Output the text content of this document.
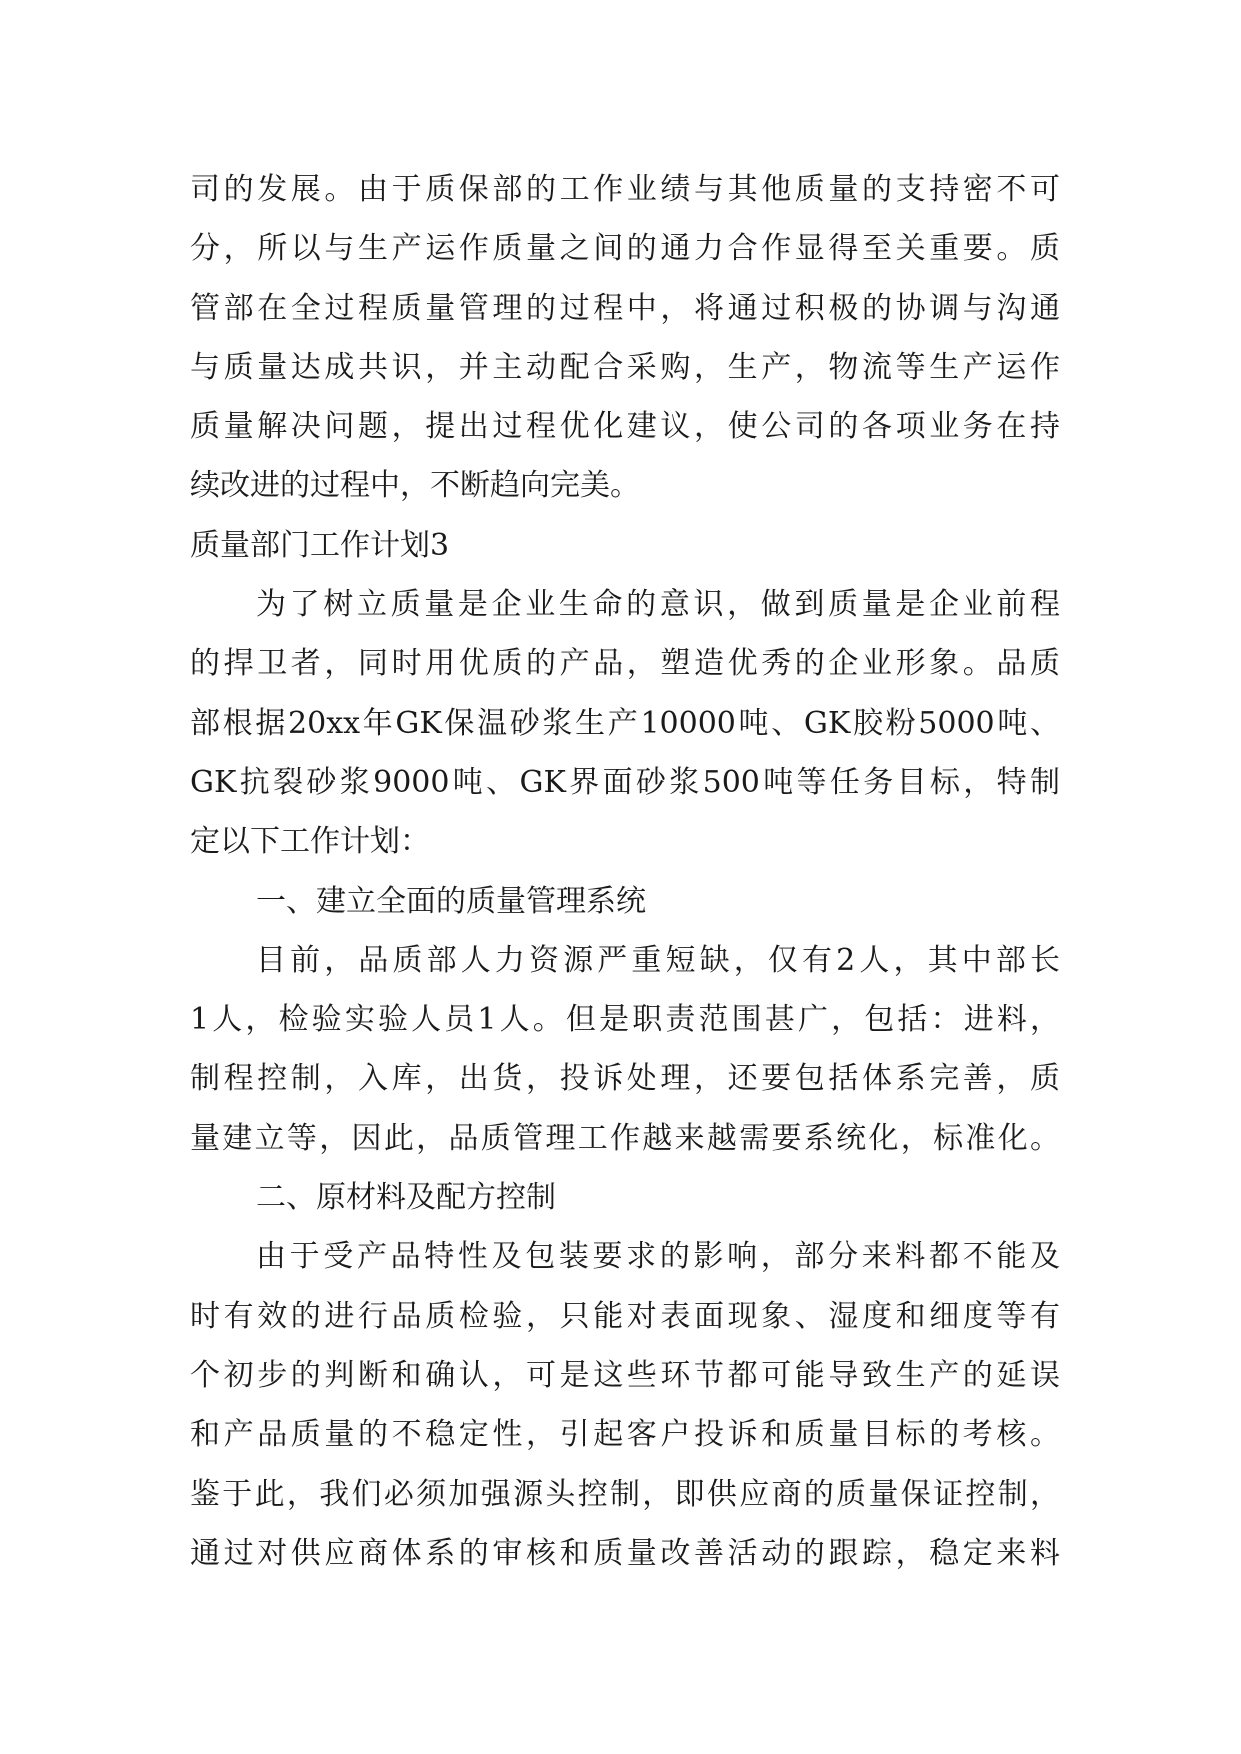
司的发展。由于质保部的工作业绩与其他质量的支持密不可
分，所以与生产运作质量之间的通力合作显得至关重要。质
管部在全过程质量管理的过程中，将通过积极的协调与沟通
与质量达成共识，并主动配合采购，生产，物流等生产运作
质量解决问题，提出过程优化建议，使公司的各项业务在持
续改进的过程中，不断趋向完美。
质量部门工作计划3
为了树立质量是企业生命的意识，做到质量是企业前程
的捍卫者，同时用优质的产品，塑造优秀的企业形象。品质
部根据20xx年GK保温砂浆生产10000吨、GK胶粉5000吨、
GK抗裂砂浆9000吨、GK界面砂浆500吨等任务目标，特制
定以下工作计划：
一、建立全面的质量管理系统
目前，品质部人力资源严重短缺，仅有2人，其中部长
1人，检验实验人员1人。但是职责范围甚广，包括：进料，
制程控制，入库，出货，投诉处理，还要包括体系完善，质
量建立等，因此，品质管理工作越来越需要系统化，标准化。
二、原材料及配方控制
由于受产品特性及包装要求的影响，部分来料都不能及
时有效的进行品质检验，只能对表面现象、湿度和细度等有
个初步的判断和确认，可是这些环节都可能导致生产的延误
和产品质量的不稳定性，引起客户投诉和质量目标的考核。
鉴于此，我们必须加强源头控制，即供应商的质量保证控制，
通过对供应商体系的审核和质量改善活动的跟踪，稳定来料
